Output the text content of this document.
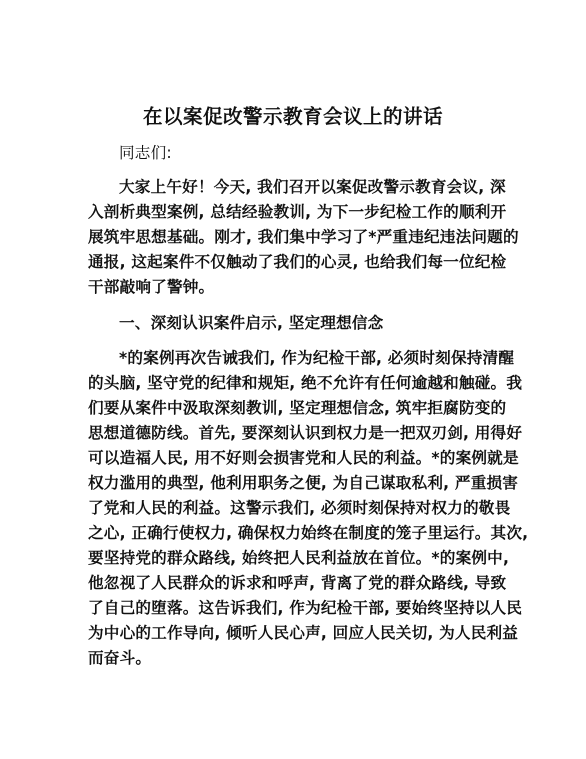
在以案促改警示教育会议上的讲话
同志们:
大家上午好！今天, 我们召开以案促改警示教育会议, 深
入剖析典型案例, 总结经验教训, 为下一步纪检工作的顺利开
展筑牢思想基础。刚才, 我们集中学习了*严重违纪违法问题的
通报, 这起案件不仅触动了我们的心灵, 也给我们每一位纪检
干部敲响了警钟。
一、深刻认识案件启示, 坚定理想信念
*的案例再次告诫我们, 作为纪检干部, 必须时刻保持清醒
的头脑, 坚守党的纪律和规矩, 绝不允许有任何逾越和触碰。我
们要从案件中汲取深刻教训, 坚定理想信念, 筑牢拒腐防变的
思想道德防线。首先, 要深刻认识到权力是一把双刃剑, 用得好
可以造福人民, 用不好则会损害党和人民的利益。*的案例就是
权力滥用的典型, 他利用职务之便, 为自己谋取私利, 严重损害
了党和人民的利益。这警示我们, 必须时刻保持对权力的敬畏
之心, 正确行使权力, 确保权力始终在制度的笼子里运行。其次,
要坚持党的群众路线, 始终把人民利益放在首位。*的案例中,
他忽视了人民群众的诉求和呼声, 背离了党的群众路线, 导致
了自己的堕落。这告诉我们, 作为纪检干部, 要始终坚持以人民
为中心的工作导向, 倾听人民心声, 回应人民关切, 为人民利益
而奋斗。
